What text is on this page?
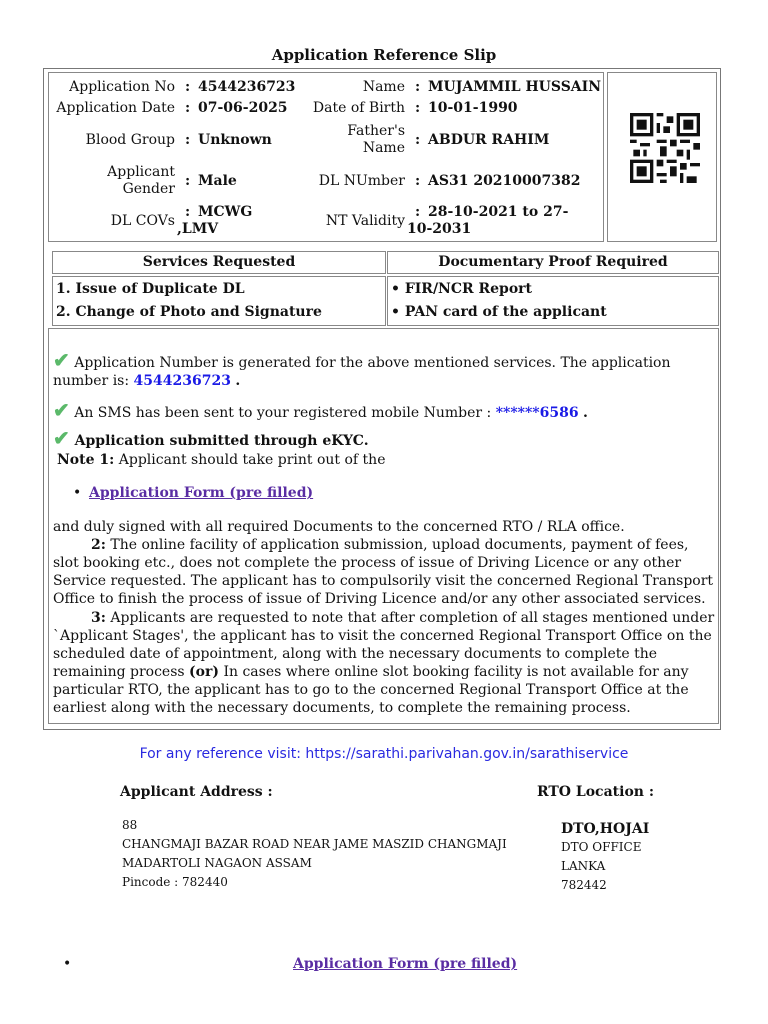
Application Reference Slip
Application No
Application Date
Blood Group
Applicant Gender
DL COVs
:
:
:
:
:
4544236723
07-06-2025
Unknown
Male
MCWG ,LMV
Name
Date of Birth
Father's Name
DL NUmber
NT Validity
:
:
:
:
:
MUJAMMIL HUSSAIN
10-01-1990
ABDUR RAHIM
AS31 20210007382
28-10-2021 to 27-10-2031
Services Requested	Documentary Proof Required
1. Issue of Duplicate DL
2. Change of Photo and Signature
• FIR/NCR Report
• PAN card of the applicant
✔ Application Number is generated for the above mentioned services. The application number is: 4544236723 .
✔ An SMS has been sent to your registered mobile Number : ******6586 .
✔ Application submitted through eKYC.
Note 1: Applicant should take print out of the
• Application Form (pre filled)
and duly signed with all required Documents to the concerned RTO / RLA office.
2: The online facility of application submission, upload documents, payment of fees, slot booking etc., does not complete the process of issue of Driving Licence or any other Service requested. The applicant has to compulsorily visit the concerned Regional Transport Office to finish the process of issue of Driving Licence and/or any other associated services.
3: Applicants are requested to note that after completion of all stages mentioned under `Applicant Stages', the applicant has to visit the concerned Regional Transport Office on the scheduled date of appointment, along with the necessary documents to complete the remaining process (or) In cases where online slot booking facility is not available for any particular RTO, the applicant has to go to the concerned Regional Transport Office at the earliest along with the necessary documents, to complete the remaining process.
For any reference visit: https://sarathi.parivahan.gov.in/sarathiservice
Applicant Address :
88
CHANGMAJI BAZAR ROAD NEAR JAME MASZID CHANGMAJI
MADARTOLI NAGAON ASSAM
Pincode : 782440
RTO Location :
DTO,HOJAI
DTO OFFICE
LANKA
782442
•	Application Form (pre filled)
